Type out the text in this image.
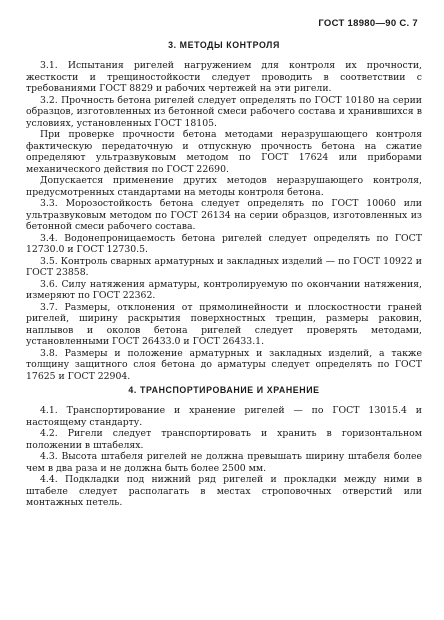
ГОСТ 18980—90 С. 7
3. МЕТОДЫ КОНТРОЛЯ

3.1. Испытания ригелей нагружением для контроля их прочности, жесткости и трещиностойкости следует проводить в соответствии с требованиями ГОСТ 8829 и рабочих чертежей на эти ригели.

3.2. Прочность бетона ригелей следует определять по ГОСТ 10180 на серии образцов, изготовленных из бетонной смеси рабочего состава и хранившихся в условиях, установленных ГОСТ 18105.

При проверке прочности бетона методами неразрушающего контроля фактическую передаточную и отпускную прочность бетона на сжатие определяют ультразвуковым методом по ГОСТ 17624 или приборами механического действия по ГОСТ 22690.

Допускается применение других методов неразрушающего контроля, предусмотренных стандартами на методы контроля бетона.

3.3. Морозостойкость бетона следует определять по ГОСТ 10060 или ультразвуковым методом по ГОСТ 26134 на серии образцов, изготовленных из бетонной смеси рабочего состава.

3.4. Водонепроницаемость бетона ригелей следует определять по ГОСТ 12730.0 и ГОСТ 12730.5.

3.5. Контроль сварных арматурных и закладных изделий — по ГОСТ 10922 и ГОСТ 23858.

3.6. Силу натяжения арматуры, контролируемую по окончании натяжения, измеряют по ГОСТ 22362.

3.7. Размеры, отклонения от прямолинейности и плоскостности граней ригелей, ширину раскрытия поверхностных трещин, размеры раковин, наплывов и околов бетона ригелей следует проверять методами, установленными ГОСТ 26433.0 и ГОСТ 26433.1.

3.8. Размеры и положение арматурных и закладных изделий, а также толщину защитного слоя бетона до арматуры следует определять по ГОСТ 17625 и ГОСТ 22904.

4. ТРАНСПОРТИРОВАНИЕ И ХРАНЕНИЕ

4.1. Транспортирование и хранение ригелей — по ГОСТ 13015.4 и настоящему стандарту.

4.2. Ригели следует транспортировать и хранить в горизонтальном положении в штабелях.

4.3. Высота штабеля ригелей не должна превышать ширину штабеля более чем в два раза и не должна быть более 2500 мм.

4.4. Подкладки под нижний ряд ригелей и прокладки между ними в штабеле следует располагать в местах строповочных отверстий или монтажных петель.
